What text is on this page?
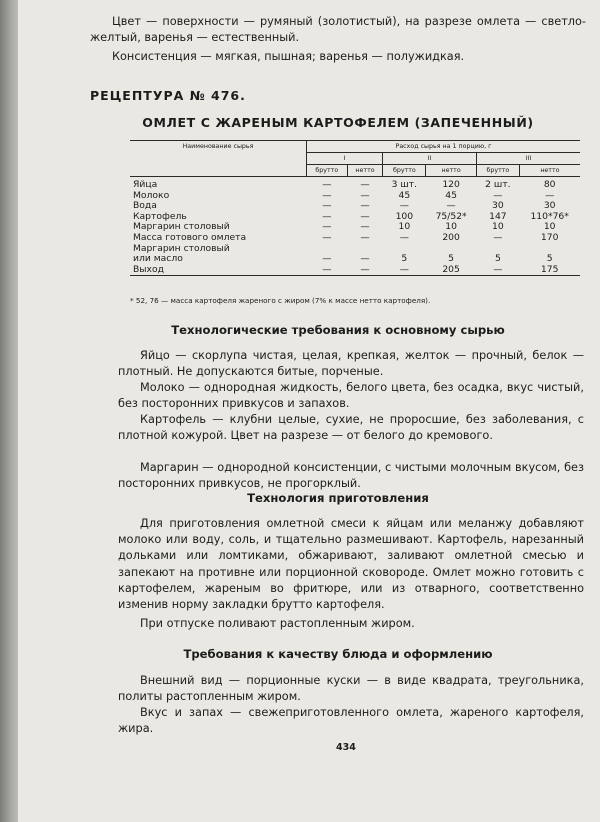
Цвет — поверхности — румяный (золотистый), на разрезе омлета — светло-желтый, варенья — естественный.

Консистенция — мягкая, пышная; варенья — полужидкая.

РЕЦЕПТУРА № 476.
ОМЛЕТ С ЖАРЕНЫМ КАРТОФЕЛЕМ (ЗАПЕЧЕННЫЙ)
Наименование сырья	Расход сырья на 1 порцию, г					
	I		II		III	
	брутто	нетто	брутто	нетто	брутто	нетто
Яйца	—	—	3 шт.	120	2 шт.	80
Молоко	—	—	45	45	—	—
Вода	—	—	—	—	30	30
Картофель	—	—	100	75/52*	147	110*76*
Маргарин столовый	—	—	10	10	10	10
Масса готового омлета	—	—	—	200	—	170
Маргарин столовый
или масло	—	—	5	5	5	5
Выход	—	—	—	205	—	175

* 52, 76 — масса картофеля жареного с жиром (7% к массе нетто картофеля).

Технологические требования к основному сырью

Яйцо — скорлупа чистая, целая, крепкая, желток — прочный, белок — плотный. Не допускаются битые, порченые.

Молоко — однородная жидкость, белого цвета, без осадка, вкус чистый, без посторонних привкусов и запахов.

Картофель — клубни целые, сухие, не проросшие, без заболевания, с плотной кожурой. Цвет на разрезе — от белого до кремового.

Маргарин — однородной консистенции, с чистыми молочным вкусом, без посторонних привкусов, не прогорклый.

Технология приготовления

Для приготовления омлетной смеси к яйцам или меланжу добавляют молоко или воду, соль, и тщательно размешивают. Картофель, нарезанный дольками или ломтиками, обжаривают, заливают омлетной смесью и запекают на противне или порционной сковороде. Омлет можно готовить с картофелем, жареным во фритюре, или из отварного, соответственно изменив норму закладки брутто картофеля.

При отпуске поливают растопленным жиром.

Требования к качеству блюда и оформлению

Внешний вид — порционные куски — в виде квадрата, треугольника, политы растопленным жиром.

Вкус и запах — свежеприготовленного омлета, жареного картофеля, жира.

434
